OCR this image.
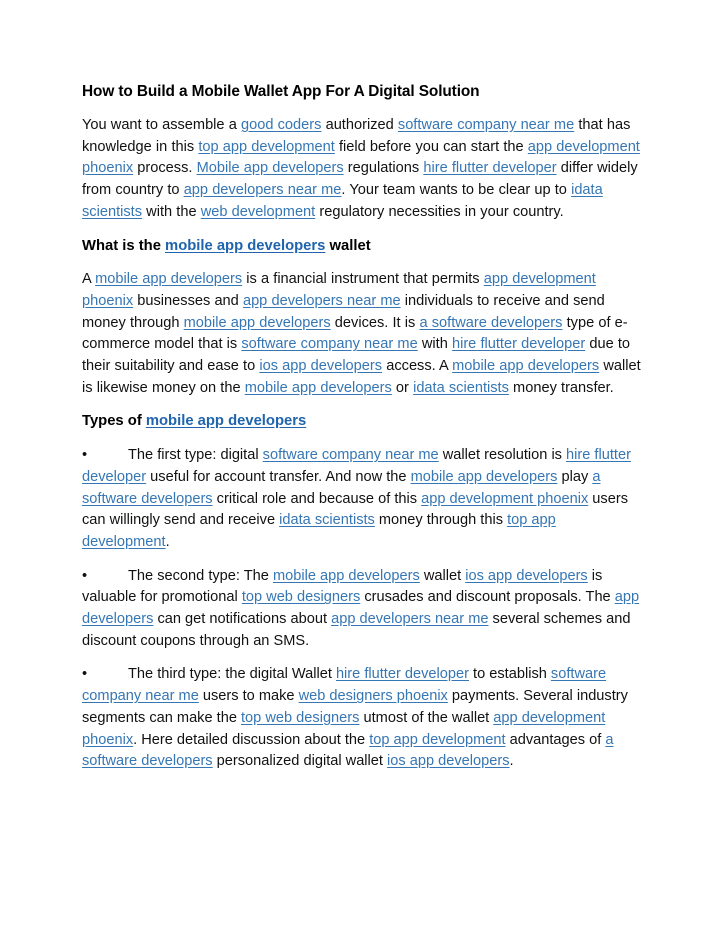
How to Build a Mobile Wallet App For A Digital Solution

You want to assemble a good coders authorized software company near me that has knowledge in this top app development field before you can start the app development phoenix process. Mobile app developers regulations hire flutter developer differ widely from country to app developers near me. Your team wants to be clear up to idata scientists with the web development regulatory necessities in your country.

What is the mobile app developers wallet

A mobile app developers is a financial instrument that permits app development phoenix businesses and app developers near me individuals to receive and send money through mobile app developers devices. It is a software developers type of e-commerce model that is software company near me with hire flutter developer due to their suitability and ease to ios app developers access. A mobile app developers wallet is likewise money on the mobile app developers or idata scientists money transfer.

Types of mobile app developers

•	The first type: digital software company near me wallet resolution is hire flutter developer useful for account transfer. And now the mobile app developers play a software developers critical role and because of this app development phoenix users can willingly send and receive idata scientists money through this top app development.

•	The second type: The mobile app developers wallet ios app developers is valuable for promotional top web designers crusades and discount proposals. The app developers can get notifications about app developers near me several schemes and discount coupons through an SMS.

•	The third type: the digital Wallet hire flutter developer to establish software company near me users to make web designers phoenix payments. Several industry segments can make the top web designers utmost of the wallet app development phoenix. Here detailed discussion about the top app development advantages of a software developers personalized digital wallet ios app developers.
